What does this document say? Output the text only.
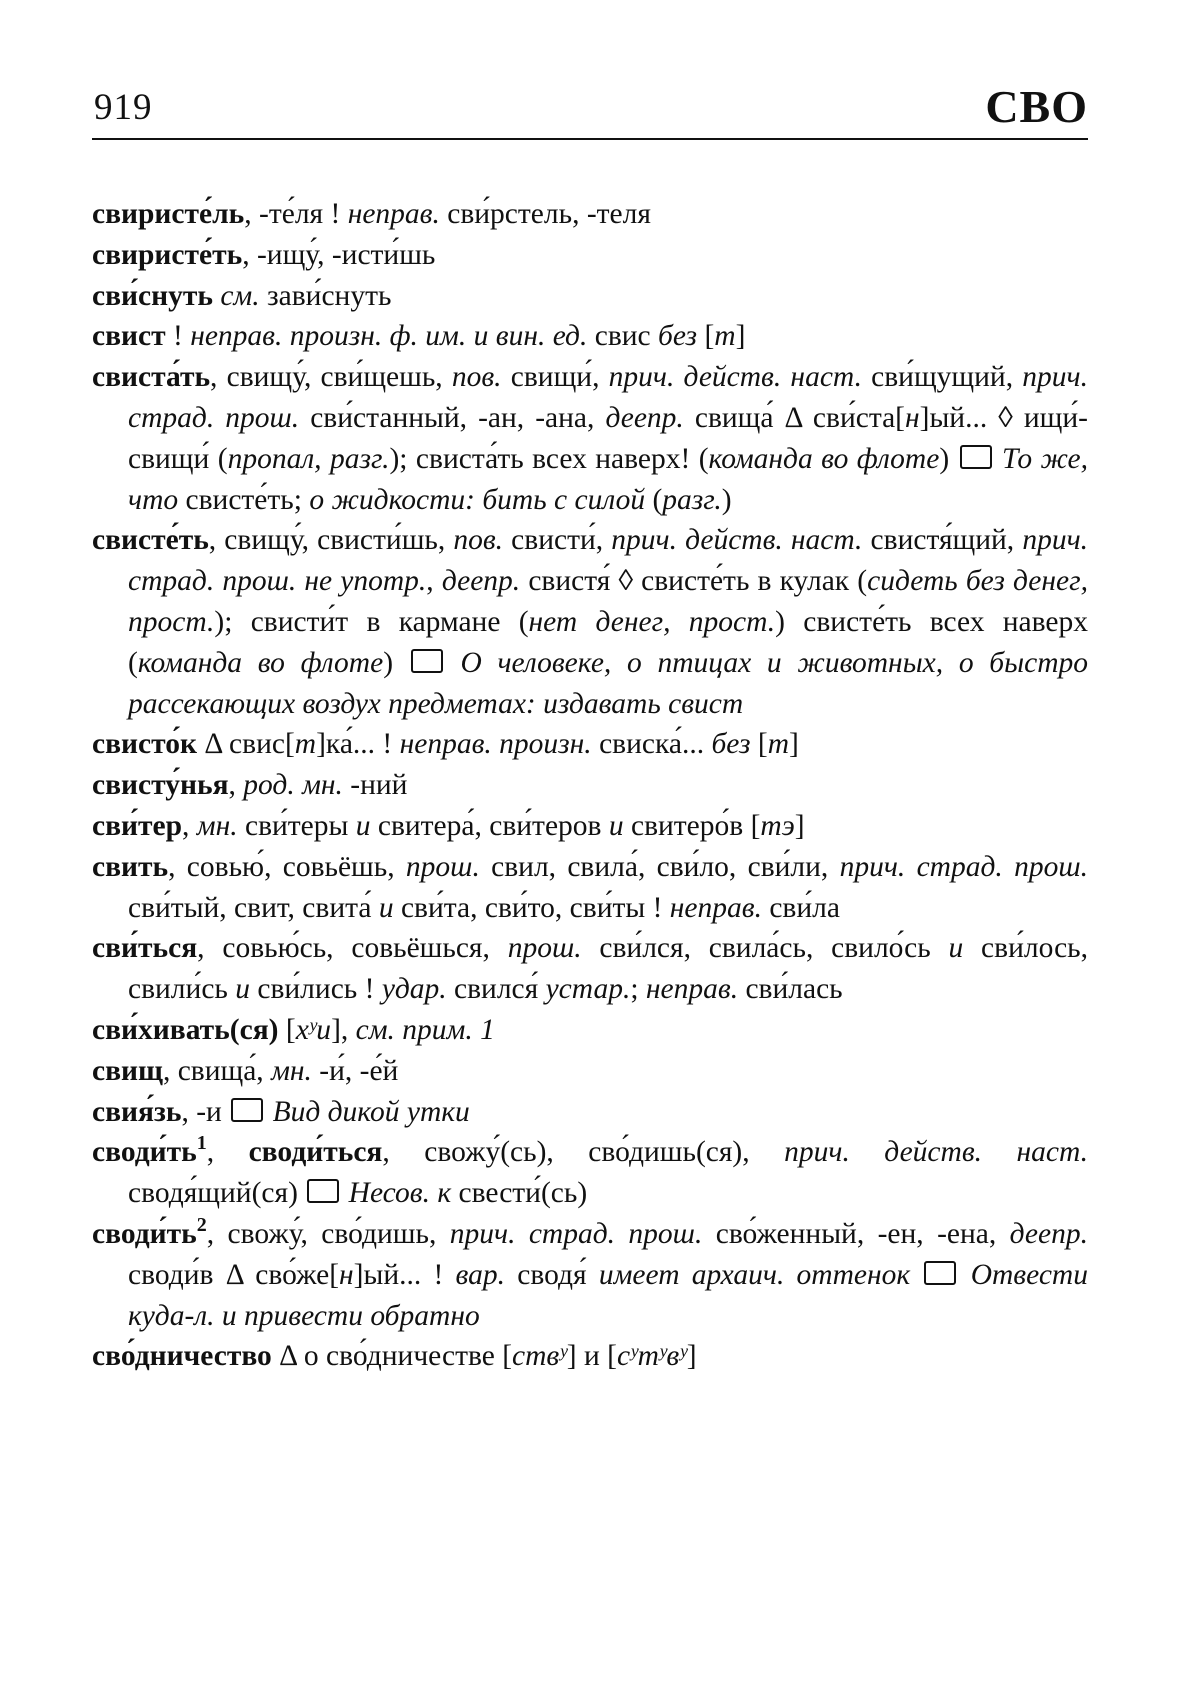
919	СВО

свиристе́ль, -те́ля ! неправ. сви́рстель, -теля

свиристе́ть, -ищу́, -исти́шь

сви́снуть см. зави́снуть

свист ! неправ. произн. ф. им. и вин. ед. свис без [т]

свиста́ть, свищу́, сви́щешь, пов. свищи́, прич. действ. наст. сви́щущий, прич. страд. прош. сви́станный, -ан, -ана, деепр. свища́ Δ сви́ста[н]ый... ◊ ищи́-свищи́ (пропал, разг.); свиста́ть всех наверх! (команда во флоте)  То же, что свисте́ть; о жидкости: бить с силой (разг.)

свисте́ть, свищу́, свисти́шь, пов. свисти́, прич. действ. наст. свистя́щий, прич. страд. прош. не употр., деепр. свистя́ ◊ свисте́ть в кулак (сидеть без денег, прост.); свисти́т в кармане (нет денег, прост.) свисте́ть всех наверх (команда во флоте)  О человеке, о птицах и животных, о быстро рассекающих воздух предметах: издавать свист

свисто́к Δ свис[т]ка́... ! неправ. произн. свиска́... без [т]

свисту́нья, род. мн. -ний

сви́тер, мн. сви́теры и свитера́, сви́теров и свитеро́в [тэ]

свить, совью́, совьёшь, прош. свил, свила́, сви́ло, сви́ли, прич. страд. прош. сви́тый, свит, свита́ и сви́та, сви́то, сви́ты ! неправ. сви́ла

сви́ться, совью́сь, совьёшься, прош. сви́лся, свила́сь, свило́сь и сви́лось, свили́сь и сви́лись ! удар. свился́ устар.; неправ. сви́лась

сви́хивать(ся) [хʸи], см. прим. 1

свищ, свища́, мн. -и́, -е́й

свия́зь, -и  Вид дикой утки

$своди́ть^1$, своди́ться, свожу́(сь), сво́дишь(ся), прич. действ. наст. сводя́щий(ся)  Несов. к свести́(сь)

$своди́ть^2$, свожу́, сво́дишь, прич. страд. прош. сво́женный, -ен, -ена, деепр. своди́в Δ сво́же[н]ый... ! вар. сводя́ имеет архаич. оттенок Отвести куда-л. и привести обратно

сво́дничество Δ о сво́дничестве [ствʸ] и [сʸтʸвʸ]
